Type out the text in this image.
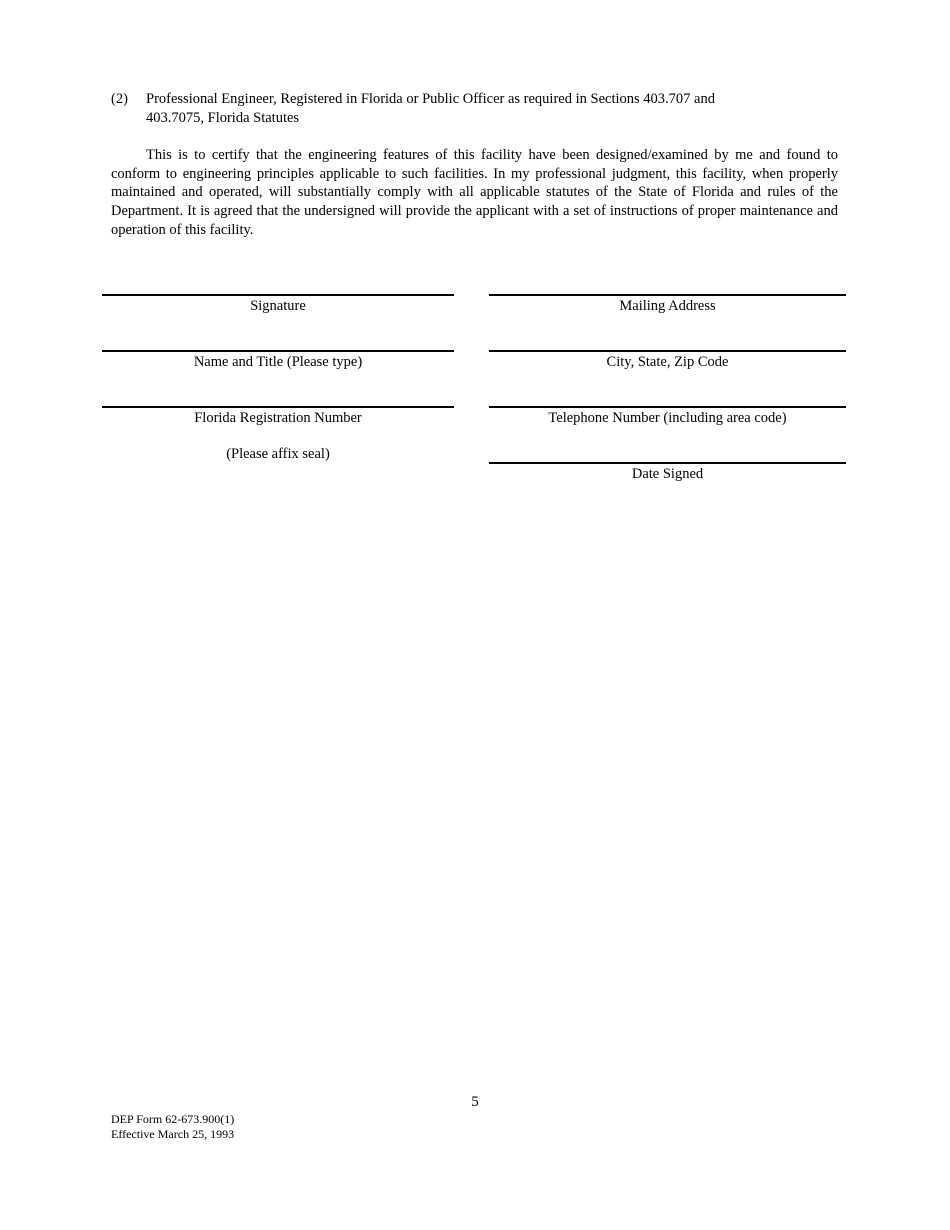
(2)	Professional Engineer, Registered in Florida or Public Officer as required in Sections 403.707 and
403.7075, Florida Statutes

This is to certify that the engineering features of this facility have been designed/examined by me and found to conform to engineering principles applicable to such facilities. In my professional judgment, this facility, when properly maintained and operated, will substantially comply with all applicable statutes of the State of Florida and rules of the Department. It is agreed that the undersigned will provide the applicant with a set of instructions of proper maintenance and operation of this facility.

Signature
Name and Title (Please type)
Florida Registration Number
(Please affix seal)
Mailing Address
City, State, Zip Code
Telephone Number (including area code)
Date Signed
5
DEP Form 62-673.900(1)
Effective March 25, 1993
